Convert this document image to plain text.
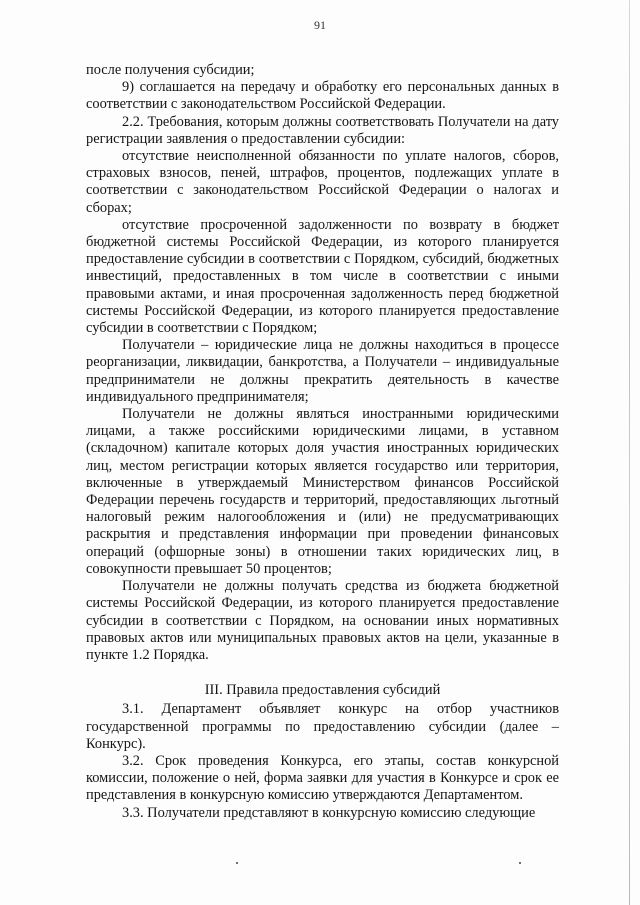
91

после получения субсидии;

9) соглашается на передачу и обработку его персональных данных в соответствии с законодательством Российской Федерации.

2.2. Требования, которым должны соответствовать Получатели на дату регистрации заявления о предоставлении субсидии:

отсутствие неисполненной обязанности по уплате налогов, сборов, страховых взносов, пеней, штрафов, процентов, подлежащих уплате в соответствии с законодательством Российской Федерации о налогах и сборах;

отсутствие просроченной задолженности по возврату в бюджет бюджетной системы Российской Федерации, из которого планируется предоставление субсидии в соответствии с Порядком, субсидий, бюджетных инвестиций, предоставленных в том числе в соответствии с иными правовыми актами, и иная просроченная задолженность перед бюджетной системы Российской Федерации, из которого планируется предоставление субсидии в соответствии с Порядком;

Получатели – юридические лица не должны находиться в процессе реорганизации, ликвидации, банкротства, а Получатели – индивидуальные предприниматели не должны прекратить деятельность в качестве индивидуального предпринимателя;

Получатели не должны являться иностранными юридическими лицами, а также российскими юридическими лицами, в уставном (складочном) капитале которых доля участия иностранных юридических лиц, местом регистрации которых является государство или территория, включенные в утверждаемый Министерством финансов Российской Федерации перечень государств и территорий, предоставляющих льготный налоговый режим налогообложения и (или) не предусматривающих раскрытия и представления информации при проведении финансовых операций (офшорные зоны) в отношении таких юридических лиц, в совокупности превышает 50 процентов;

Получатели не должны получать средства из бюджета бюджетной системы Российской Федерации, из которого планируется предоставление субсидии в соответствии с Порядком, на основании иных нормативных правовых актов или муниципальных правовых актов на цели, указанные в пункте 1.2 Порядка.

III. Правила предоставления субсидий

3.1. Департамент объявляет конкурс на отбор участников государственной программы по предоставлению субсидии (далее – Конкурс).

3.2. Срок проведения Конкурса, его этапы, состав конкурсной комиссии, положение о ней, форма заявки для участия в Конкурсе и срок ее представления в конкурсную комиссию утверждаются Департаментом.

3.3. Получатели представляют в конкурсную комиссию следующие
